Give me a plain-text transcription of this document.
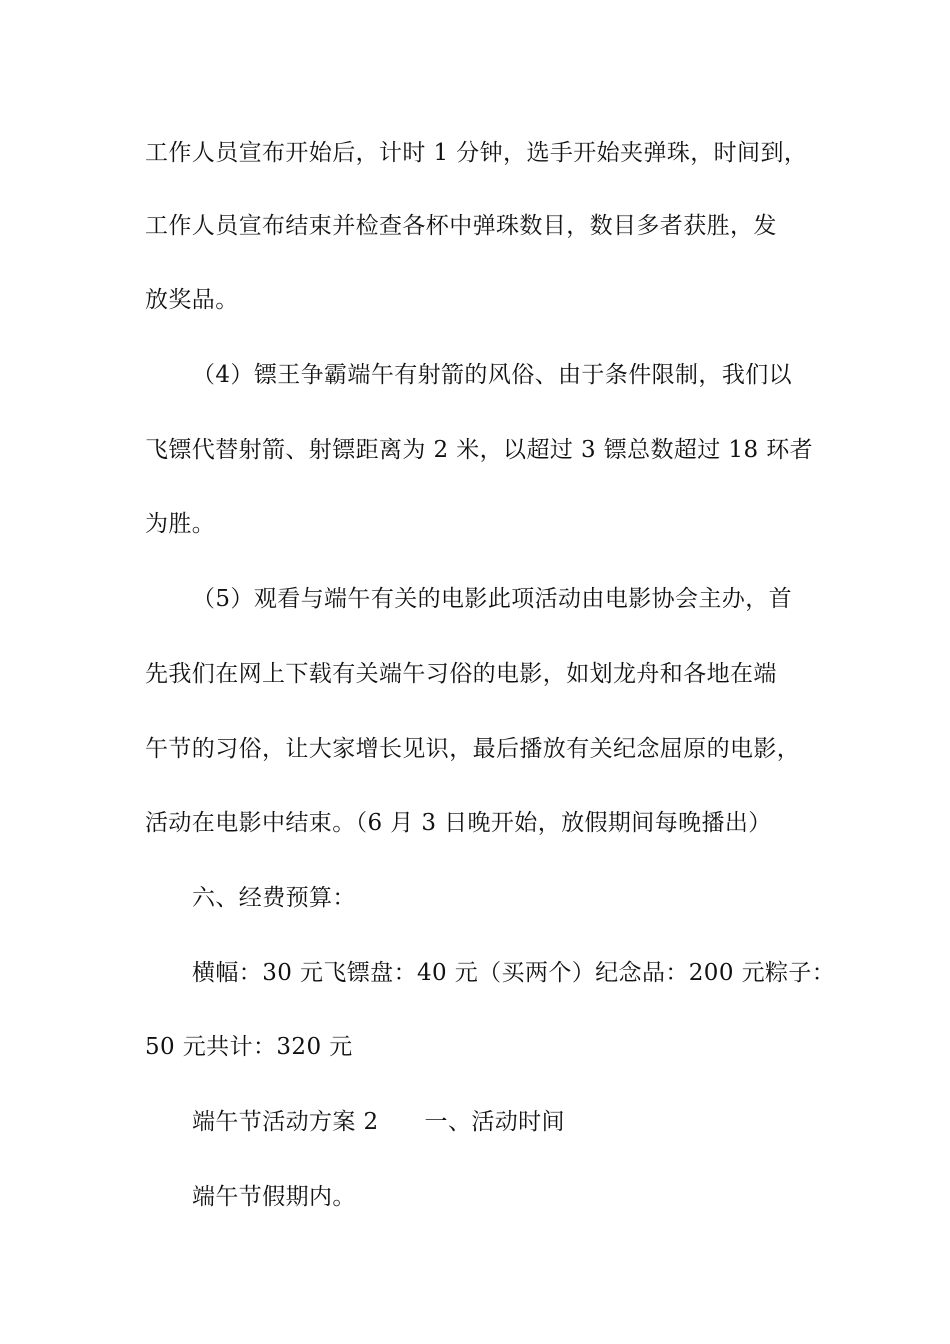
工作人员宣布开始后，计时 1 分钟，选手开始夹弹珠，时间到，
工作人员宣布结束并检查各杯中弹珠数目，数目多者获胜，发
放奖品。
（4）镖王争霸端午有射箭的风俗、由于条件限制，我们以
飞镖代替射箭、射镖距离为 2 米，以超过 3 镖总数超过 18 环者
为胜。
（5）观看与端午有关的电影此项活动由电影协会主办，首
先我们在网上下载有关端午习俗的电影，如划龙舟和各地在端
午节的习俗，让大家增长见识，最后播放有关纪念屈原的电影，
活动在电影中结束。（6 月 3 日晚开始，放假期间每晚播出）
六、经费预算：
横幅：30 元飞镖盘：40 元（买两个）纪念品：200 元粽子：
50 元共计：320 元
端午节活动方案 2 一、活动时间
端午节假期内。
